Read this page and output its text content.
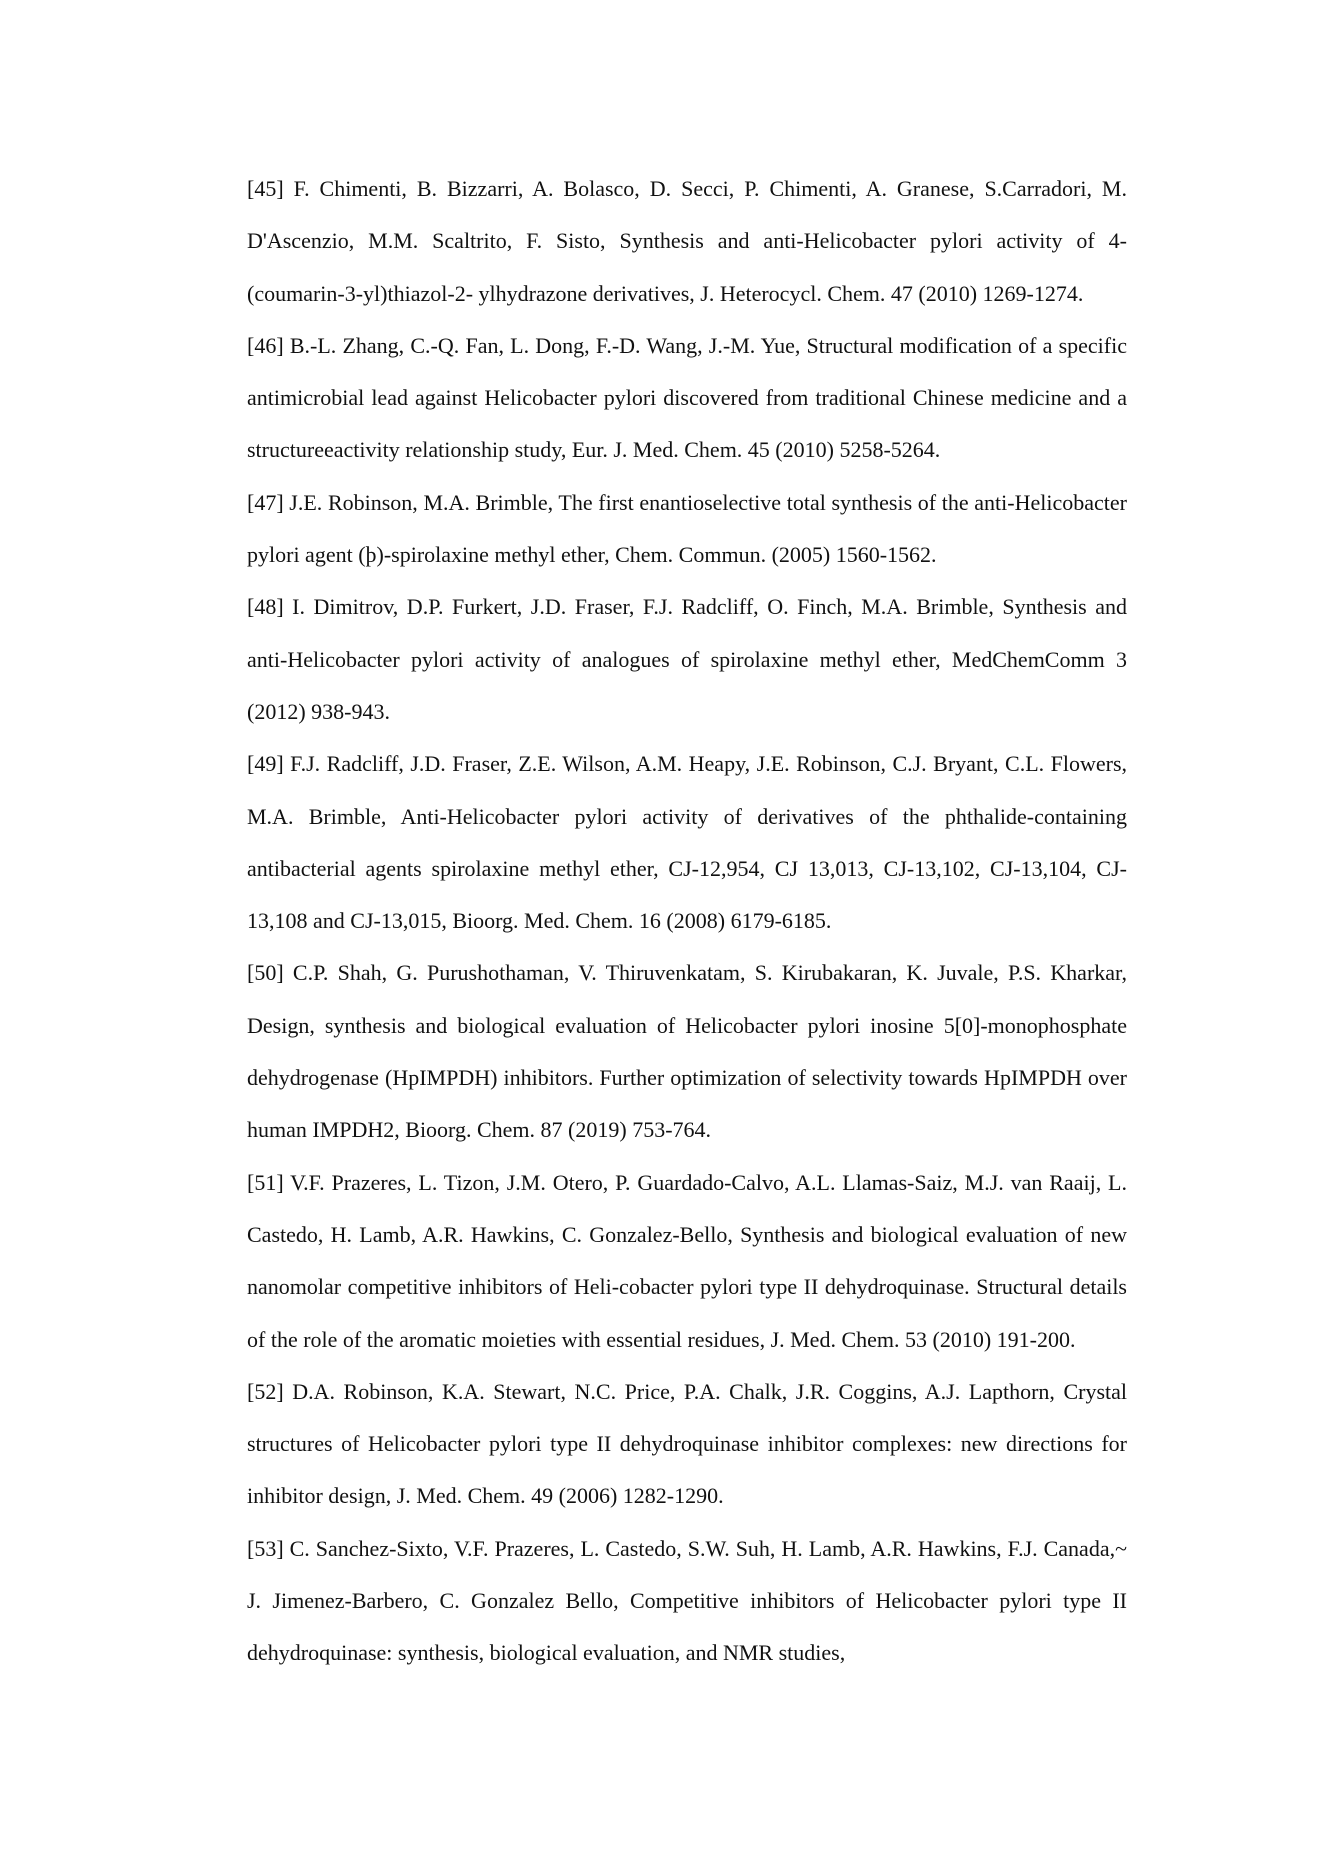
[45] F. Chimenti, B. Bizzarri, A. Bolasco, D. Secci, P. Chimenti, A. Granese, S.Carradori, M. D'Ascenzio, M.M. Scaltrito, F. Sisto, Synthesis and anti-Helicobacter pylori activity of 4-(coumarin-3-yl)thiazol-2- ylhydrazone derivatives, J. Heterocycl. Chem. 47 (2010) 1269-1274.

[46] B.-L. Zhang, C.-Q. Fan, L. Dong, F.-D. Wang, J.-M. Yue, Structural modification of a specific antimicrobial lead against Helicobacter pylori discovered from traditional Chinese medicine and a structureeactivity relationship study, Eur. J. Med. Chem. 45 (2010) 5258-5264.

[47] J.E. Robinson, M.A. Brimble, The first enantioselective total synthesis of the anti-Helicobacter pylori agent (þ)-spirolaxine methyl ether, Chem. Commun. (2005) 1560-1562.

[48] I. Dimitrov, D.P. Furkert, J.D. Fraser, F.J. Radcliff, O. Finch, M.A. Brimble, Synthesis and anti-Helicobacter pylori activity of analogues of spirolaxine methyl ether, MedChemComm 3 (2012) 938-943.

[49] F.J. Radcliff, J.D. Fraser, Z.E. Wilson, A.M. Heapy, J.E. Robinson, C.J. Bryant, C.L. Flowers, M.A. Brimble, Anti-Helicobacter pylori activity of derivatives of the phthalide-containing antibacterial agents spirolaxine methyl ether, CJ-12,954, CJ 13,013, CJ-13,102, CJ-13,104, CJ-13,108 and CJ-13,015, Bioorg. Med. Chem. 16 (2008) 6179-6185.

[50] C.P. Shah, G. Purushothaman, V. Thiruvenkatam, S. Kirubakaran, K. Juvale, P.S. Kharkar, Design, synthesis and biological evaluation of Helicobacter pylori inosine 5[0]-monophosphate dehydrogenase (HpIMPDH) inhibitors. Further optimization of selectivity towards HpIMPDH over human IMPDH2, Bioorg. Chem. 87 (2019) 753-764.

[51] V.F. Prazeres, L. Tizon, J.M. Otero, P. Guardado-Calvo, A.L. Llamas-Saiz, M.J. van Raaij, L. Castedo, H. Lamb, A.R. Hawkins, C. Gonzalez-Bello, Synthesis and biological evaluation of new nanomolar competitive inhibitors of Heli-cobacter pylori type II dehydroquinase. Structural details of the role of the aromatic moieties with essential residues, J. Med. Chem. 53 (2010) 191-200.

[52] D.A. Robinson, K.A. Stewart, N.C. Price, P.A. Chalk, J.R. Coggins, A.J. Lapthorn, Crystal structures of Helicobacter pylori type II dehydroquinase inhibitor complexes: new directions for inhibitor design, J. Med. Chem. 49 (2006) 1282-1290.

[53] C. Sanchez-Sixto, V.F. Prazeres, L. Castedo, S.W. Suh, H. Lamb, A.R. Hawkins, F.J. Canada,~ J. Jimenez-Barbero, C. Gonzalez Bello, Competitive inhibitors of Helicobacter pylori type II dehydroquinase: synthesis, biological evaluation, and NMR studies,
